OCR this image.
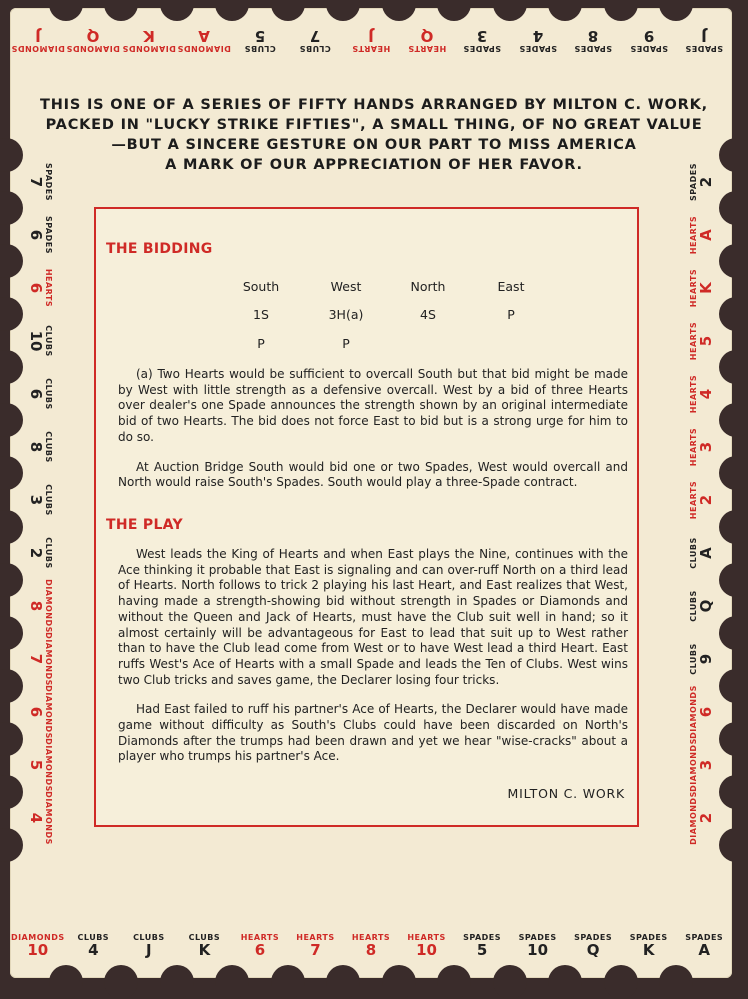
DIAMONDS
J
DIAMONDS
10
DIAMONDS
Q
CLUBS
4
DIAMONDS
K
CLUBS
J
DIAMONDS
A
CLUBS
K
CLUBS
5
HEARTS
6
CLUBS
7
HEARTS
7
HEARTS
J
HEARTS
8
HEARTS
Q
HEARTS
10
SPADES
3
SPADES
5
SPADES
4
SPADES
10
SPADES
8
SPADES
Q
SPADES
9
SPADES
K
SPADES
J
SPADES
A
SPADES
7	SPADES 2
SPADES
6	HEARTS A
HEARTS
6	HEARTS K
CLUBS
10	HEARTS 5
CLUBS
6	HEARTS 4
CLUBS
8	HEARTS 3
CLUBS
3	HEARTS 2
CLUBS
2	CLUBS A
DIAMONDS
8	CLUBS Q
DIAMONDS
7	CLUBS 9
DIAMONDS
6	DIAMONDS 6
DIAMONDS
5	DIAMONDS 3
DIAMONDS
4	DIAMONDS 2
THIS IS ONE OF A SERIES OF FIFTY HANDS ARRANGED BY MILTON C. WORK,
PACKED IN "LUCKY STRIKE FIFTIES", A SMALL THING, OF NO GREAT VALUE
—BUT A SINCERE GESTURE ON OUR PART TO MISS AMERICA
A MARK OF OUR APPRECIATION OF HER FAVOR.
THE BIDDING
South	West	North	East
1S	3H(a)	4S	P
P	P

(a) Two Hearts would be sufficient to overcall South but that bid might be made by West with little strength as a defensive overcall. West by a bid of three Hearts over dealer's one Spade announces the strength shown by an original intermediate bid of two Hearts. The bid does not force East to bid but is a strong urge for him to do so.

At Auction Bridge South would bid one or two Spades, West would overcall and North would raise South's Spades. South would play a three-Spade contract.

THE PLAY

West leads the King of Hearts and when East plays the Nine, continues with the Ace thinking it probable that East is signaling and can over-ruff North on a third lead of Hearts. North follows to trick 2 playing his last Heart, and East realizes that West, having made a strength-showing bid without strength in Spades or Diamonds and without the Queen and Jack of Hearts, must have the Club suit well in hand; so it almost certainly will be advantageous for East to lead that suit up to West rather than to have the Club lead come from West or to have West lead a third Heart. East ruffs West's Ace of Hearts with a small Spade and leads the Ten of Clubs. West wins two Club tricks and saves game, the Declarer losing four tricks.

Had East failed to ruff his partner's Ace of Hearts, the Declarer would have made game without difficulty as South's Clubs could have been discarded on North's Diamonds after the trumps had been drawn and yet we hear "wise-cracks" about a player who trumps his partner's Ace.

MILTON C. WORK
